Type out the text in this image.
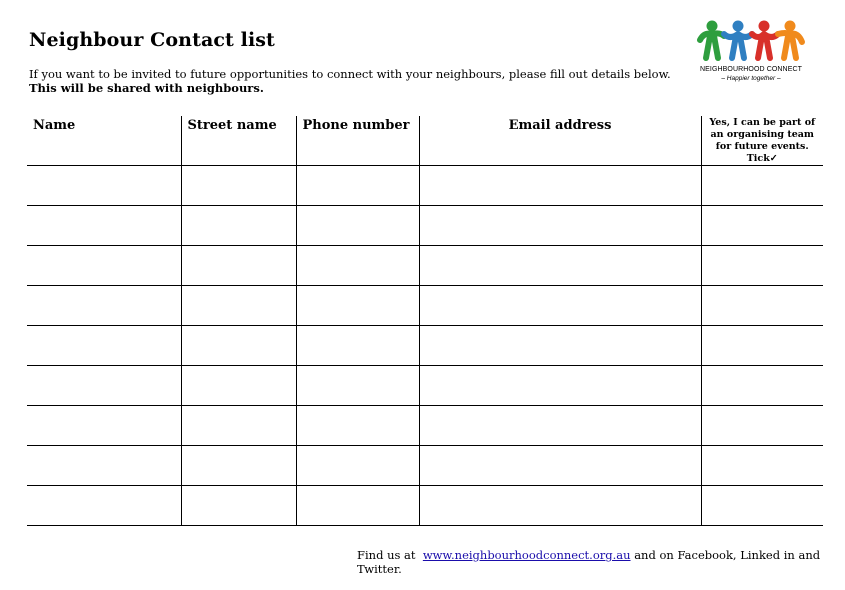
Neighbour Contact list
If you want to be invited to future opportunities to connect with your neighbours, please fill out details below.
This will be shared with neighbours.
NEIGHBOURHOOD CONNECT
– Happier together –
Name	Street name	Phone number	Email address	Yes, I can be part of an organising team for future events. Tick✓

Find us at www.neighbourhoodconnect.org.au and on Facebook, Linked in and Twitter.
